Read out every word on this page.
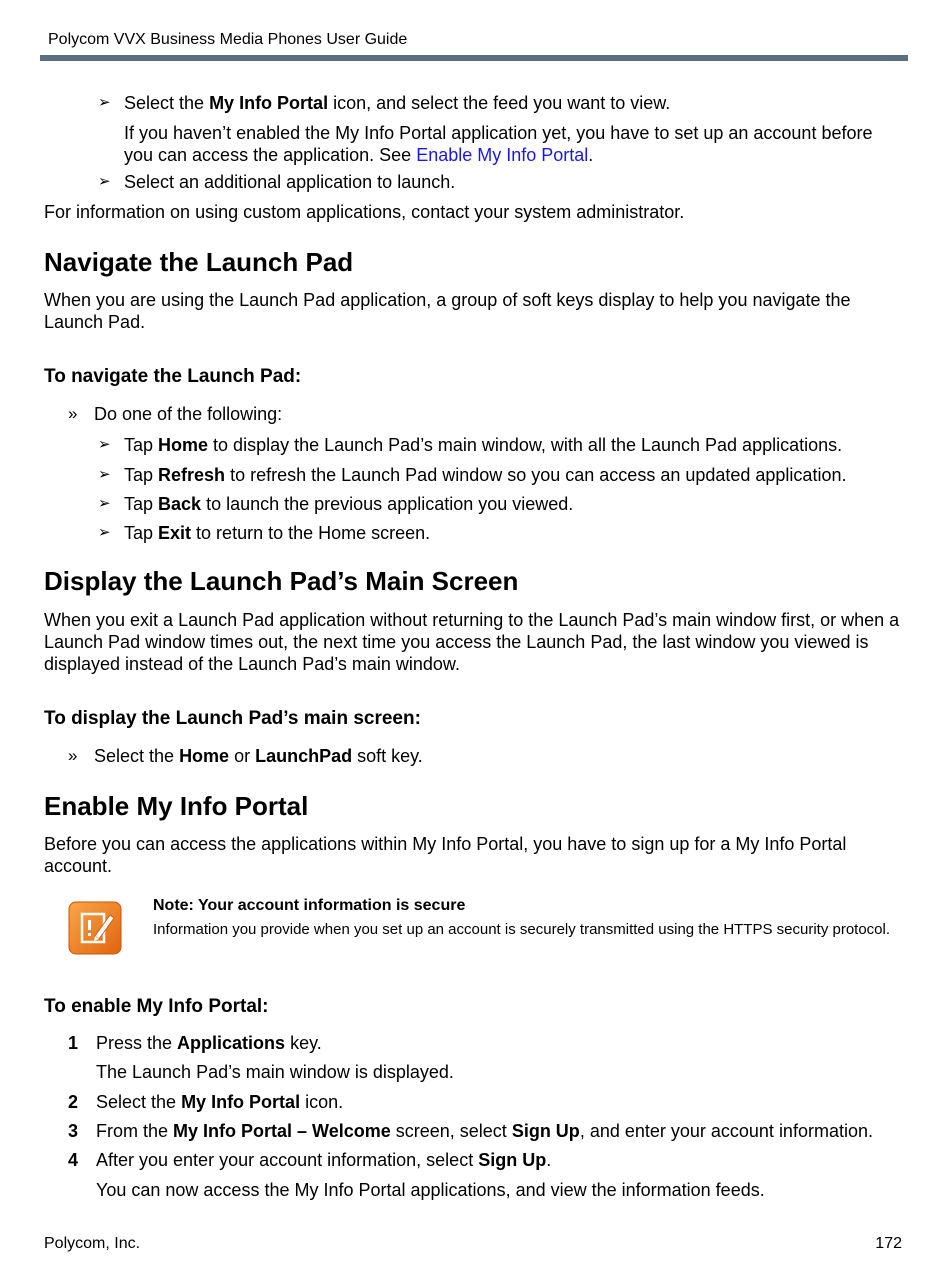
Polycom VVX Business Media Phones User Guide
➢ Select the My Info Portal icon, and select the feed you want to view.
If you haven’t enabled the My Info Portal application yet, you have to set up an account before you can access the application. See Enable My Info Portal.
➢ Select an additional application to launch.

For information on using custom applications, contact your system administrator.

Navigate the Launch Pad

When you are using the Launch Pad application, a group of soft keys display to help you navigate the Launch Pad.

To navigate the Launch Pad:
» Do one of the following:
➢ Tap Home to display the Launch Pad’s main window, with all the Launch Pad applications.
➢ Tap Refresh to refresh the Launch Pad window so you can access an updated application.
➢ Tap Back to launch the previous application you viewed.
➢ Tap Exit to return to the Home screen.
Display the Launch Pad’s Main Screen

When you exit a Launch Pad application without returning to the Launch Pad’s main window first, or when a Launch Pad window times out, the next time you access the Launch Pad, the last window you viewed is displayed instead of the Launch Pad’s main window.

To display the Launch Pad’s main screen:
» Select the Home or LaunchPad soft key.
Enable My Info Portal

Before you can access the applications within My Info Portal, you have to sign up for a My Info Portal account.

Note: Your account information is secure
Information you provide when you set up an account is securely transmitted using the HTTPS security protocol.
To enable My Info Portal:
1 Press the Applications key.
The Launch Pad’s main window is displayed.
2 Select the My Info Portal icon.
3 From the My Info Portal – Welcome screen, select Sign Up, and enter your account information.
4 After you enter your account information, select Sign Up.
You can now access the My Info Portal applications, and view the information feeds.
Polycom, Inc.	172
